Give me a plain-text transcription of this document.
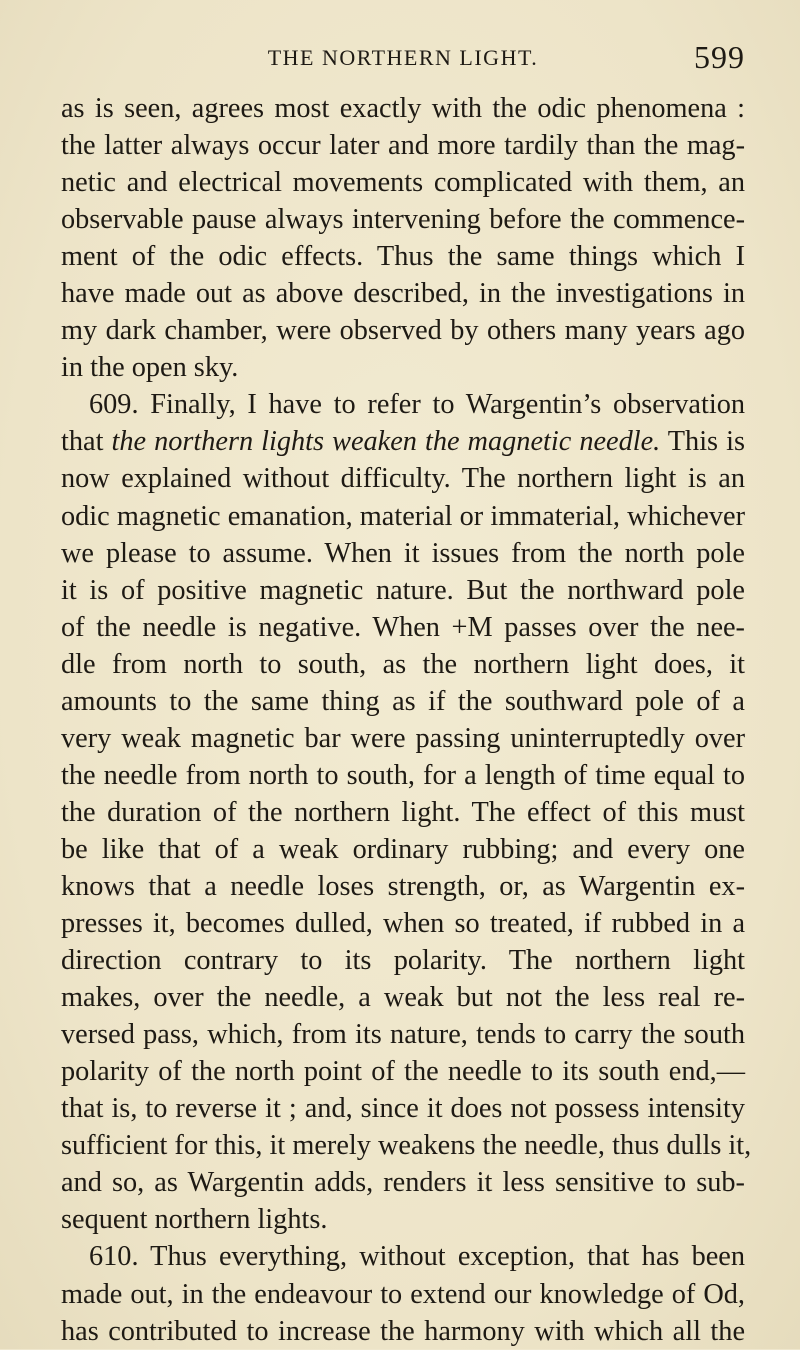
THE NORTHERN LIGHT.	599
as is seen, agrees most exactly with the odic phenomena :
the latter always occur later and more tardily than the mag-
netic and electrical movements complicated with them, an
observable pause always intervening before the commence-
ment of the odic effects. Thus the same things which I
have made out as above described, in the investigations in
my dark chamber, were observed by others many years ago
in the open sky.
609. Finally, I have to refer to Wargentin’s observation
that the northern lights weaken the magnetic needle. This is
now explained without difficulty. The northern light is an
odic magnetic emanation, material or immaterial, whichever
we please to assume. When it issues from the north pole
it is of positive magnetic nature. But the northward pole
of the needle is negative. When +M passes over the nee-
dle from north to south, as the northern light does, it
amounts to the same thing as if the southward pole of a
very weak magnetic bar were passing uninterruptedly over
the needle from north to south, for a length of time equal to
the duration of the northern light. The effect of this must
be like that of a weak ordinary rubbing; and every one
knows that a needle loses strength, or, as Wargentin ex-
presses it, becomes dulled, when so treated, if rubbed in a
direction contrary to its polarity. The northern light
makes, over the needle, a weak but not the less real re-
versed pass, which, from its nature, tends to carry the south
polarity of the north point of the needle to its south end,—
that is, to reverse it ; and, since it does not possess intensity
sufficient for this, it merely weakens the needle, thus dulls it,
and so, as Wargentin adds, renders it less sensitive to sub-
sequent northern lights.
610. Thus everything, without exception, that has been
made out, in the endeavour to extend our knowledge of Od,
has contributed to increase the harmony with which all the
